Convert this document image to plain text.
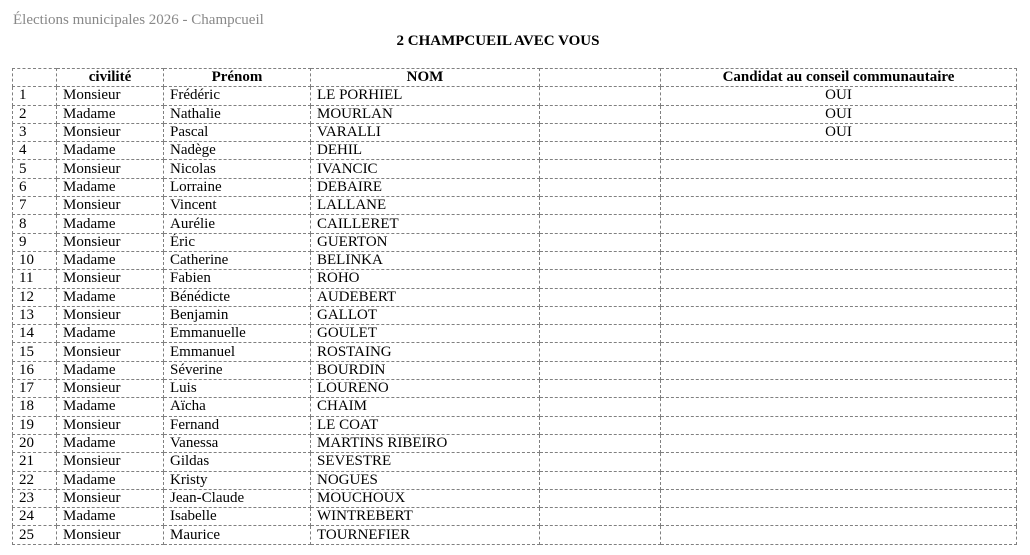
Élections municipales 2026 - Champcueil
2 CHAMPCUEIL AVEC VOUS
	civilité	Prénom	NOM		Candidat au conseil communautaire
1	Monsieur	Frédéric	LE PORHIEL		OUI
2	Madame	Nathalie	MOURLAN		OUI
3	Monsieur	Pascal	VARALLI		OUI
4	Madame	Nadège	DEHIL		
5	Monsieur	Nicolas	IVANCIC		
6	Madame	Lorraine	DEBAIRE		
7	Monsieur	Vincent	LALLANE		
8	Madame	Aurélie	CAILLERET		
9	Monsieur	Éric	GUERTON		
10	Madame	Catherine	BELINKA		
11	Monsieur	Fabien	ROHO		
12	Madame	Bénédicte	AUDEBERT		
13	Monsieur	Benjamin	GALLOT		
14	Madame	Emmanuelle	GOULET		
15	Monsieur	Emmanuel	ROSTAING		
16	Madame	Séverine	BOURDIN		
17	Monsieur	Luis	LOURENO		
18	Madame	Aïcha	CHAIM		
19	Monsieur	Fernand	LE COAT		
20	Madame	Vanessa	MARTINS RIBEIRO		
21	Monsieur	Gildas	SEVESTRE		
22	Madame	Kristy	NOGUES		
23	Monsieur	Jean-Claude	MOUCHOUX		
24	Madame	Isabelle	WINTREBERT		
25	Monsieur	Maurice	TOURNEFIER		
